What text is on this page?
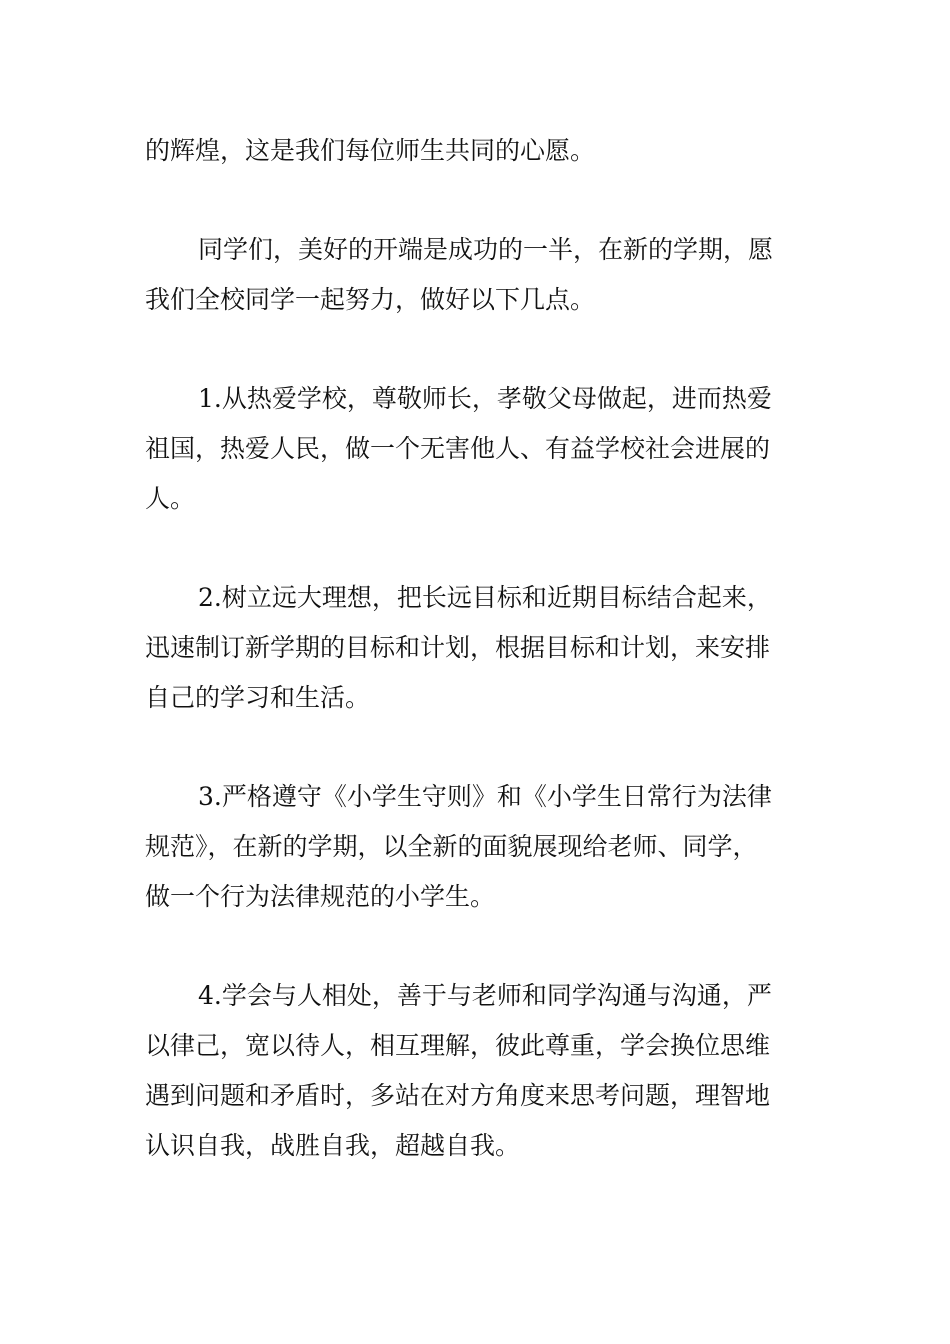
的辉煌，这是我们每位师生共同的心愿。
同学们，美好的开端是成功的一半，在新的学期，愿
我们全校同学一起努力，做好以下几点。
1.从热爱学校，尊敬师长，孝敬父母做起，进而热爱
祖国，热爱人民，做一个无害他人、有益学校社会进展的
人。
2.树立远大理想，把长远目标和近期目标结合起来，
迅速制订新学期的目标和计划，根据目标和计划，来安排
自己的学习和生活。
3.严格遵守《小学生守则》和《小学生日常行为法律
规范》，在新的学期，以全新的面貌展现给老师、同学，
做一个行为法律规范的小学生。
4.学会与人相处，善于与老师和同学沟通与沟通，严
以律己，宽以待人，相互理解，彼此尊重，学会换位思维
遇到问题和矛盾时，多站在对方角度来思考问题，理智地
认识自我，战胜自我，超越自我。
